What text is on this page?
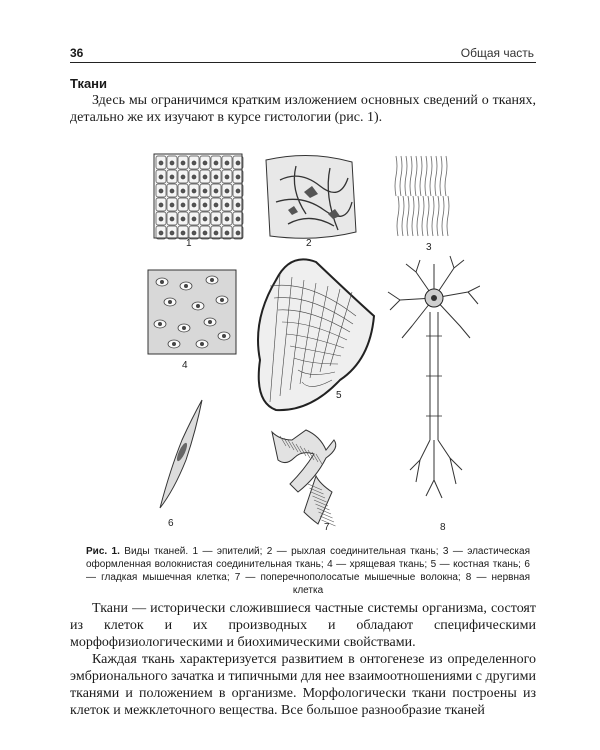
36	Общая часть
Ткани

Здесь мы ограничимся кратким изложением основных сведений о тканях, детально же их изучают в курсе гистологии (рис. 1).

1	2	3
4
5
6	7	8

Рис. 1. Виды тканей. 1 — эпителий; 2 — рыхлая соединительная ткань; 3 — эластическая оформленная волокнистая соединительная ткань; 4 — хрящевая ткань; 5 — костная ткань; 6 — гладкая мышечная клетка; 7 — поперечнополосатые мышечные волокна; 8 — нервная клетка

Ткани — исторически сложившиеся частные системы организма, состоят из клеток и их производных и обладают специфическими морфофизиологическими и биохимическими свойствами.

Каждая ткань характеризуется развитием в онтогенезе из определенного эмбрионального зачатка и типичными для нее взаимоотношениями с другими тканями и положением в организме. Морфологически ткани построены из клеток и межклеточного вещества. Все большое разнообразие тканей
